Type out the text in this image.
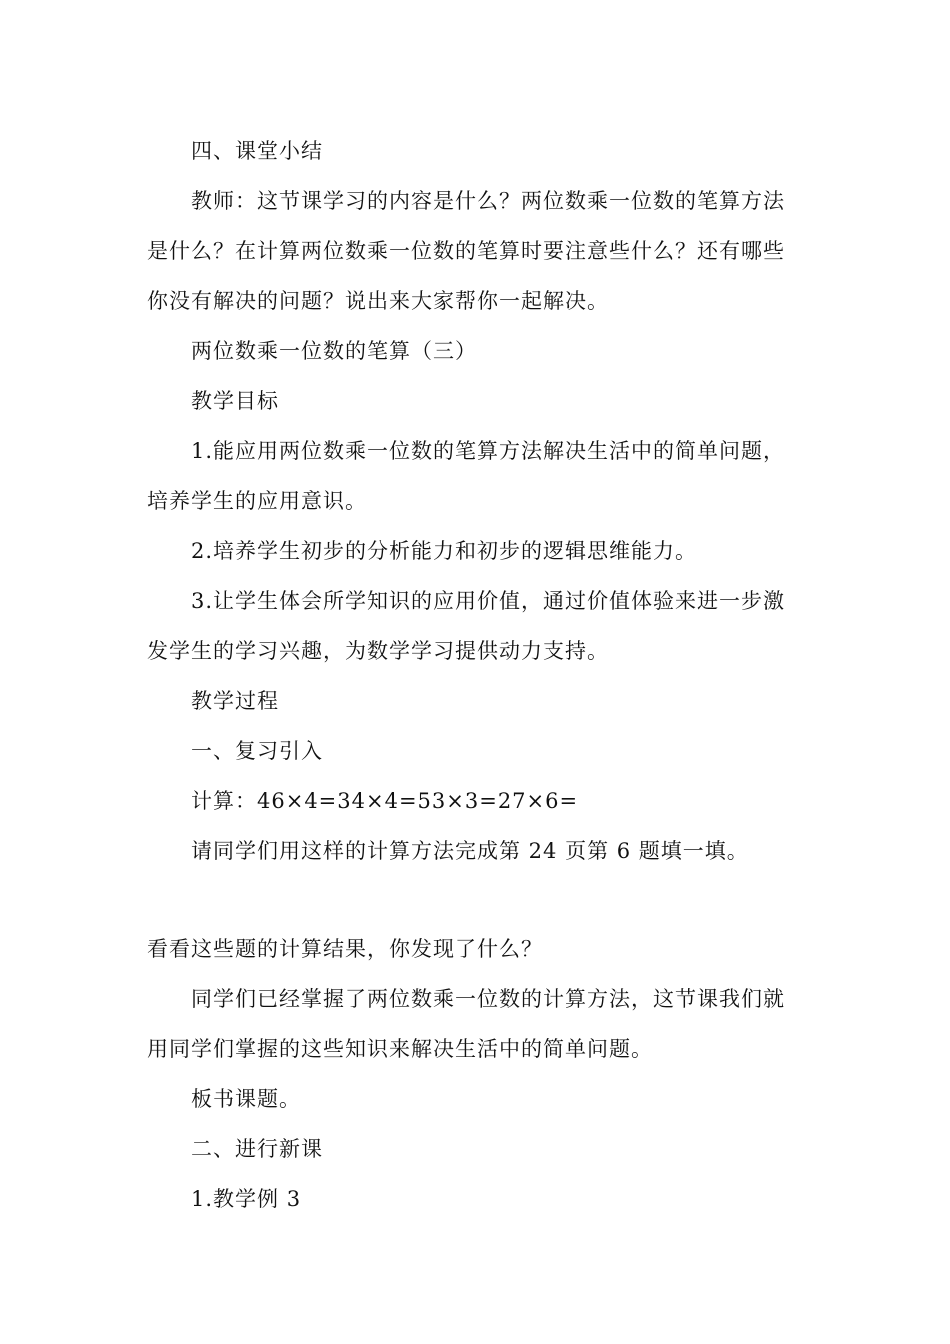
四、课堂小结
教师：这节课学习的内容是什么？两位数乘一位数的笔算方法
是什么？在计算两位数乘一位数的笔算时要注意些什么？还有哪些
你没有解决的问题？说出来大家帮你一起解决。
两位数乘一位数的笔算（三）
教学目标
1.能应用两位数乘一位数的笔算方法解决生活中的简单问题，
培养学生的应用意识。
2.培养学生初步的分析能力和初步的逻辑思维能力。
3.让学生体会所学知识的应用价值，通过价值体验来进一步激
发学生的学习兴趣，为数学学习提供动力支持。
教学过程
一、复习引入
计算：46×4=34×4=53×3=27×6=
请同学们用这样的计算方法完成第 24 页第 6 题填一填。
看看这些题的计算结果，你发现了什么？
同学们已经掌握了两位数乘一位数的计算方法，这节课我们就
用同学们掌握的这些知识来解决生活中的简单问题。
板书课题。
二、进行新课
1.教学例 3
